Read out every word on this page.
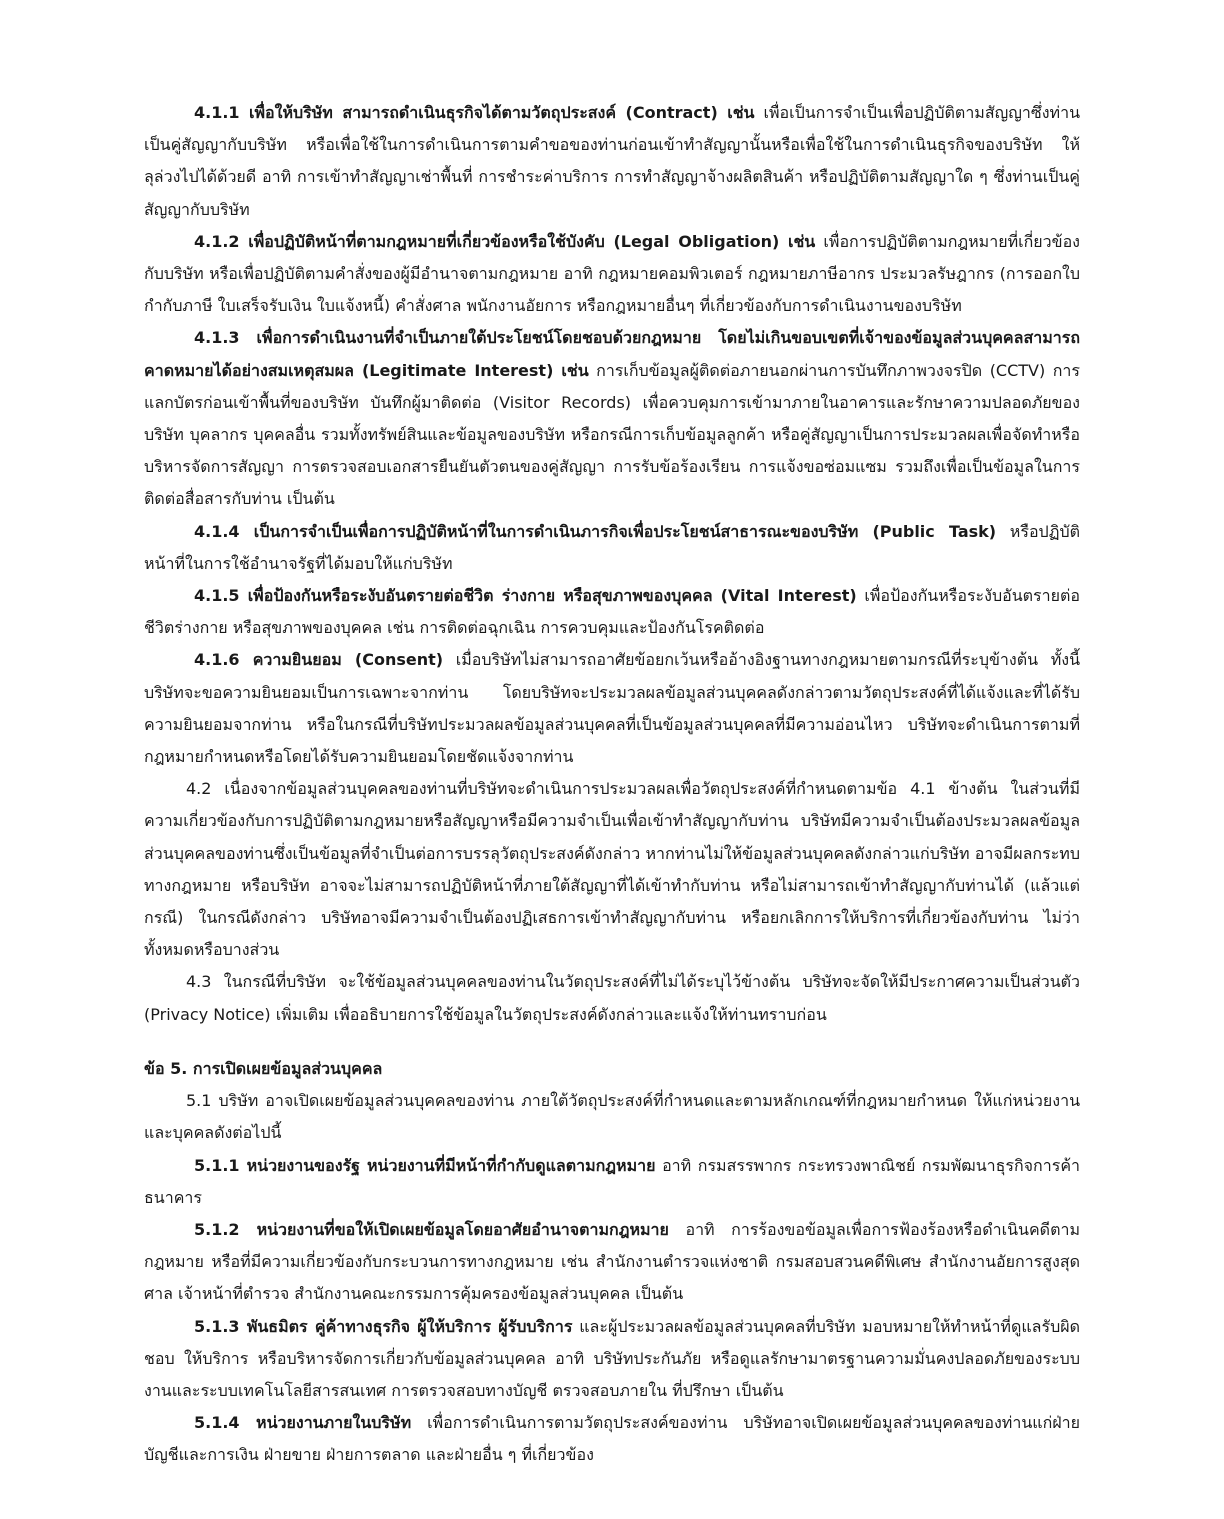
4.1.1 เพื่อให้บริษัท สามารถดำเนินธุรกิจได้ตามวัตถุประสงค์ (Contract) เช่น เพื่อเป็นการจำเป็นเพื่อปฏิบัติตามสัญญาซึ่งท่านเป็นคู่สัญญากับบริษัท หรือเพื่อใช้ในการดำเนินการตามคำขอของท่านก่อนเข้าทำสัญญานั้นหรือเพื่อใช้ในการดำเนินธุรกิจของบริษัท ให้ลุล่วงไปได้ด้วยดี อาทิ การเข้าทำสัญญาเช่าพื้นที่ การชำระค่าบริการ การทำสัญญาจ้างผลิตสินค้า หรือปฏิบัติตามสัญญาใด ๆ ซึ่งท่านเป็นคู่สัญญากับบริษัท

4.1.2 เพื่อปฏิบัติหน้าที่ตามกฎหมายที่เกี่ยวข้องหรือใช้บังคับ (Legal Obligation) เช่น เพื่อการปฏิบัติตามกฎหมายที่เกี่ยวข้องกับบริษัท หรือเพื่อปฏิบัติตามคำสั่งของผู้มีอำนาจตามกฎหมาย อาทิ กฎหมายคอมพิวเตอร์ กฎหมายภาษีอากร ประมวลรัษฎากร (การออกใบกำกับภาษี ใบเสร็จรับเงิน ใบแจ้งหนี้) คำสั่งศาล พนักงานอัยการ หรือกฎหมายอื่นๆ ที่เกี่ยวข้องกับการดำเนินงานของบริษัท

4.1.3 เพื่อการดำเนินงานที่จำเป็นภายใต้ประโยชน์โดยชอบด้วยกฎหมาย โดยไม่เกินขอบเขตที่เจ้าของข้อมูลส่วนบุคคลสามารถคาดหมายได้อย่างสมเหตุสมผล (Legitimate Interest) เช่น การเก็บข้อมูลผู้ติดต่อภายนอกผ่านการบันทึกภาพวงจรปิด (CCTV) การแลกบัตรก่อนเข้าพื้นที่ของบริษัท บันทึกผู้มาติดต่อ (Visitor Records) เพื่อควบคุมการเข้ามาภายในอาคารและรักษาความปลอดภัยของบริษัท บุคลากร บุคคลอื่น รวมทั้งทรัพย์สินและข้อมูลของบริษัท หรือกรณีการเก็บข้อมูลลูกค้า หรือคู่สัญญาเป็นการประมวลผลเพื่อจัดทำหรือบริหารจัดการสัญญา การตรวจสอบเอกสารยืนยันตัวตนของคู่สัญญา การรับข้อร้องเรียน การแจ้งขอซ่อมแซม รวมถึงเพื่อเป็นข้อมูลในการติดต่อสื่อสารกับท่าน เป็นต้น

4.1.4 เป็นการจำเป็นเพื่อการปฏิบัติหน้าที่ในการดำเนินภารกิจเพื่อประโยชน์สาธารณะของบริษัท (Public Task) หรือปฏิบัติหน้าที่ในการใช้อำนาจรัฐที่ได้มอบให้แก่บริษัท

4.1.5 เพื่อป้องกันหรือระงับอันตรายต่อชีวิต ร่างกาย หรือสุขภาพของบุคคล (Vital Interest) เพื่อป้องกันหรือระงับอันตรายต่อชีวิตร่างกาย หรือสุขภาพของบุคคล เช่น การติดต่อฉุกเฉิน การควบคุมและป้องกันโรคติดต่อ

4.1.6 ความยินยอม (Consent) เมื่อบริษัทไม่สามารถอาศัยข้อยกเว้นหรืออ้างอิงฐานทางกฎหมายตามกรณีที่ระบุข้างต้น ทั้งนี้ บริษัทจะขอความยินยอมเป็นการเฉพาะจากท่าน โดยบริษัทจะประมวลผลข้อมูลส่วนบุคคลดังกล่าวตามวัตถุประสงค์ที่ได้แจ้งและที่ได้รับความยินยอมจากท่าน หรือในกรณีที่บริษัทประมวลผลข้อมูลส่วนบุคคลที่เป็นข้อมูลส่วนบุคคลที่มีความอ่อนไหว บริษัทจะดำเนินการตามที่กฎหมายกำหนดหรือโดยได้รับความยินยอมโดยชัดแจ้งจากท่าน

4.2 เนื่องจากข้อมูลส่วนบุคคลของท่านที่บริษัทจะดำเนินการประมวลผลเพื่อวัตถุประสงค์ที่กำหนดตามข้อ 4.1 ข้างต้น ในส่วนที่มีความเกี่ยวข้องกับการปฏิบัติตามกฎหมายหรือสัญญาหรือมีความจำเป็นเพื่อเข้าทำสัญญากับท่าน บริษัทมีความจำเป็นต้องประมวลผลข้อมูลส่วนบุคคลของท่านซึ่งเป็นข้อมูลที่จำเป็นต่อการบรรลุวัตถุประสงค์ดังกล่าว หากท่านไม่ให้ข้อมูลส่วนบุคคลดังกล่าวแก่บริษัท อาจมีผลกระทบทางกฎหมาย หรือบริษัท อาจจะไม่สามารถปฏิบัติหน้าที่ภายใต้สัญญาที่ได้เข้าทำกับท่าน หรือไม่สามารถเข้าทำสัญญากับท่านได้ (แล้วแต่กรณี) ในกรณีดังกล่าว บริษัทอาจมีความจำเป็นต้องปฏิเสธการเข้าทำสัญญากับท่าน หรือยกเลิกการให้บริการที่เกี่ยวข้องกับท่าน ไม่ว่าทั้งหมดหรือบางส่วน

4.3 ในกรณีที่บริษัท จะใช้ข้อมูลส่วนบุคคลของท่านในวัตถุประสงค์ที่ไม่ได้ระบุไว้ข้างต้น บริษัทจะจัดให้มีประกาศความเป็นส่วนตัว (Privacy Notice) เพิ่มเติม เพื่ออธิบายการใช้ข้อมูลในวัตถุประสงค์ดังกล่าวและแจ้งให้ท่านทราบก่อน

ข้อ 5. การเปิดเผยข้อมูลส่วนบุคคล

5.1 บริษัท อาจเปิดเผยข้อมูลส่วนบุคคลของท่าน ภายใต้วัตถุประสงค์ที่กำหนดและตามหลักเกณฑ์ที่กฎหมายกำหนด ให้แก่หน่วยงานและบุคคลดังต่อไปนี้

5.1.1 หน่วยงานของรัฐ หน่วยงานที่มีหน้าที่กำกับดูแลตามกฎหมาย อาทิ กรมสรรพากร กระทรวงพาณิชย์ กรมพัฒนาธุรกิจการค้า ธนาคาร

5.1.2 หน่วยงานที่ขอให้เปิดเผยข้อมูลโดยอาศัยอำนาจตามกฎหมาย อาทิ การร้องขอข้อมูลเพื่อการฟ้องร้องหรือดำเนินคดีตามกฎหมาย หรือที่มีความเกี่ยวข้องกับกระบวนการทางกฎหมาย เช่น สำนักงานตำรวจแห่งชาติ กรมสอบสวนคดีพิเศษ สำนักงานอัยการสูงสุด ศาล เจ้าหน้าที่ตำรวจ สำนักงานคณะกรรมการคุ้มครองข้อมูลส่วนบุคคล เป็นต้น

5.1.3 พันธมิตร คู่ค้าทางธุรกิจ ผู้ให้บริการ ผู้รับบริการ และผู้ประมวลผลข้อมูลส่วนบุคคลที่บริษัท มอบหมายให้ทำหน้าที่ดูแลรับผิดชอบ ให้บริการ หรือบริหารจัดการเกี่ยวกับข้อมูลส่วนบุคคล อาทิ บริษัทประกันภัย หรือดูแลรักษามาตรฐานความมั่นคงปลอดภัยของระบบงานและระบบเทคโนโลยีสารสนเทศ การตรวจสอบทางบัญชี ตรวจสอบภายใน ที่ปรึกษา เป็นต้น

5.1.4 หน่วยงานภายในบริษัท เพื่อการดำเนินการตามวัตถุประสงค์ของท่าน บริษัทอาจเปิดเผยข้อมูลส่วนบุคคลของท่านแก่ฝ่ายบัญชีและการเงิน ฝ่ายขาย ฝ่ายการตลาด และฝ่ายอื่น ๆ ที่เกี่ยวข้อง
